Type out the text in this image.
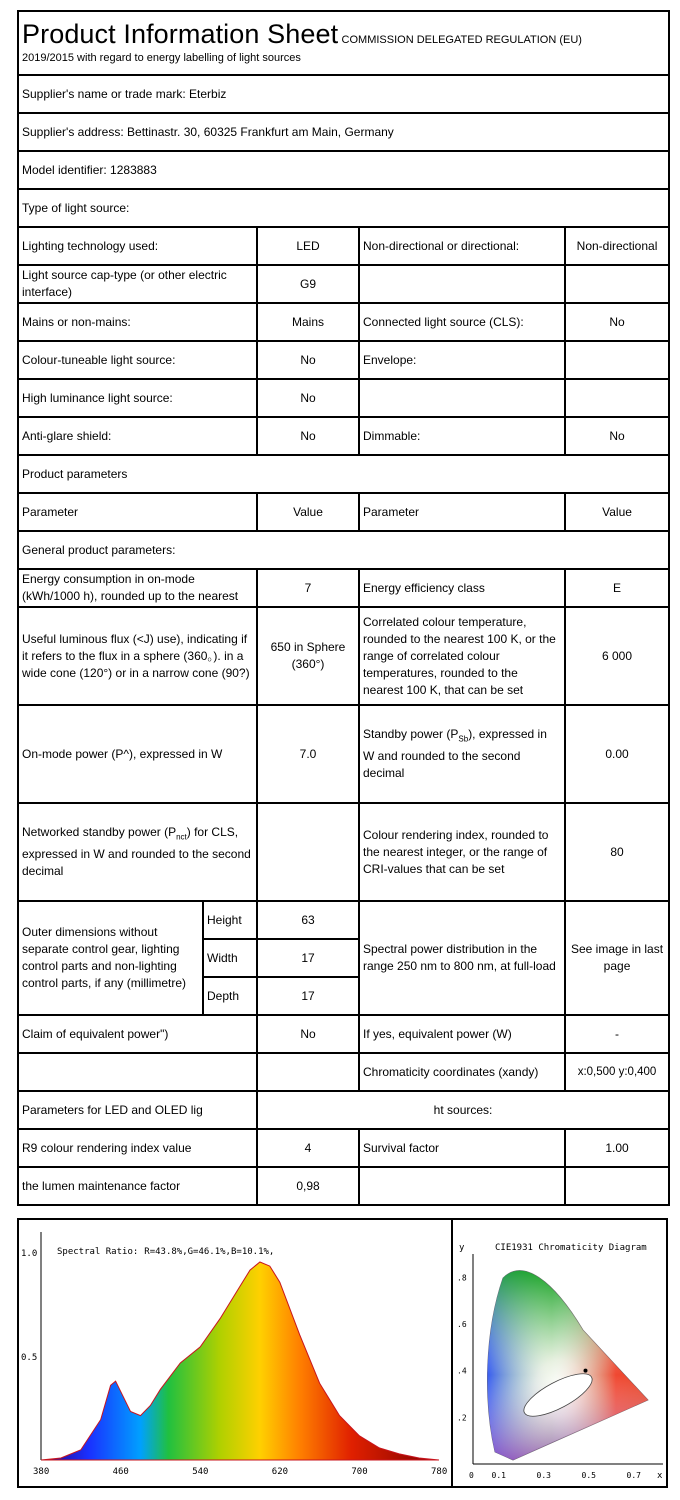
Product Information Sheet COMMISSION DELEGATED REGULATION (EU)
2019/2015 with regard to energy labelling of light sources				
Supplier's name or trade mark: Eterbiz				
Supplier's address: Bettinastr. 30, 60325 Frankfurt am Main, Germany				
Model identifier: 1283883				
Type of light source:				
Lighting technology used:		LED	Non-directional or directional:	Non-directional
Light source cap-type (or other electric interface)		G9		
Mains or non-mains:		Mains	Connected light source (CLS):	No
Colour-tuneable light source:		No	Envelope:	
High luminance light source:		No		
Anti-glare shield:		No	Dimmable:	No
Product parameters				
Parameter		Value	Parameter	Value
General product parameters:				
Energy consumption in on-mode (kWh/1000 h), rounded up to the nearest		7	Energy efficiency class	E
Useful luminous flux (<J) use), indicating if it refers to the flux in a sphere (360。). in a wide cone (120°) or in a narrow cone (90?)		650 in Sphere (360°)	Correlated colour temperature, rounded to the nearest 100 K, or the range of correlated colour temperatures, rounded to the nearest 100 K, that can be set	6 000
On-mode power (P^), expressed in W		7.0	Standby power $(P_{Sb})$, expressed in W and rounded to the second decimal	0.00
Networked standby power $(P_{nct})$ for CLS, expressed in W and rounded to the second decimal			Colour rendering index, rounded to the nearest integer, or the range of CRI-values that can be set	80
Outer dimensions without separate control gear, lighting control parts and non-lighting control parts, if any (millimetre)	Height	63	Spectral power distribution in the range 250 nm to 800 nm, at full-load	See image in last page
	Width	17		
	Depth	17		
Claim of equivalent power")		No	If yes, equivalent power (W)	-
			Chromaticity coordinates (xandy)	x:0,500 y:0,400
Parameters for LED and OLED lig		ht sources:		
R9 colour rendering index value		4	Survival factor	1.00
the lumen maintenance factor		0,98		
1.0
0.5
Spectral Ratio: R=43.8%,G=46.1%,B=10.1%,
380	460	540	620	700	780
y	CIE1931 Chromaticity Diagram
.8
.6
.4
.2
0 0.1	0.3	0.5	0.7 x
